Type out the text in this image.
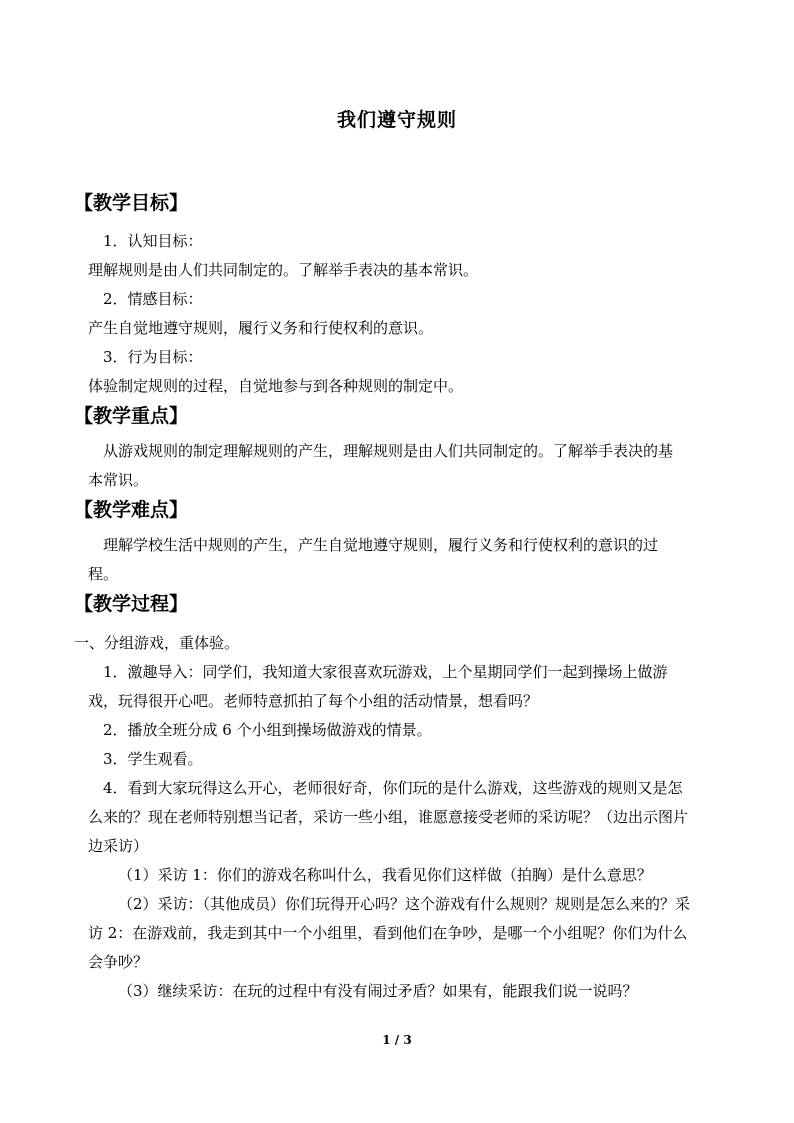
我们遵守规则
【教学目标】
1．认知目标：
理解规则是由人们共同制定的。了解举手表决的基本常识。
2．情感目标：
产生自觉地遵守规则，履行义务和行使权利的意识。
3．行为目标：
体验制定规则的过程，自觉地参与到各种规则的制定中。
【教学重点】
从游戏规则的制定理解规则的产生，理解规则是由人们共同制定的。了解举手表决的基
本常识。
【教学难点】
理解学校生活中规则的产生，产生自觉地遵守规则，履行义务和行使权利的意识的过
程。
【教学过程】
一、分组游戏，重体验。
1．激趣导入：同学们，我知道大家很喜欢玩游戏，上个星期同学们一起到操场上做游
戏，玩得很开心吧。老师特意抓拍了每个小组的活动情景，想看吗？
2．播放全班分成 6 个小组到操场做游戏的情景。
3．学生观看。
4．看到大家玩得这么开心，老师很好奇，你们玩的是什么游戏，这些游戏的规则又是怎
么来的？现在老师特别想当记者，采访一些小组，谁愿意接受老师的采访呢？（边出示图片
边采访）
（1）采访 1：你们的游戏名称叫什么，我看见你们这样做（拍胸）是什么意思？
（2）采访：（其他成员）你们玩得开心吗？这个游戏有什么规则？规则是怎么来的？采
访 2：在游戏前，我走到其中一个小组里，看到他们在争吵，是哪一个小组呢？你们为什么
会争吵？
（3）继续采访：在玩的过程中有没有闹过矛盾？如果有，能跟我们说一说吗？
1 / 3
